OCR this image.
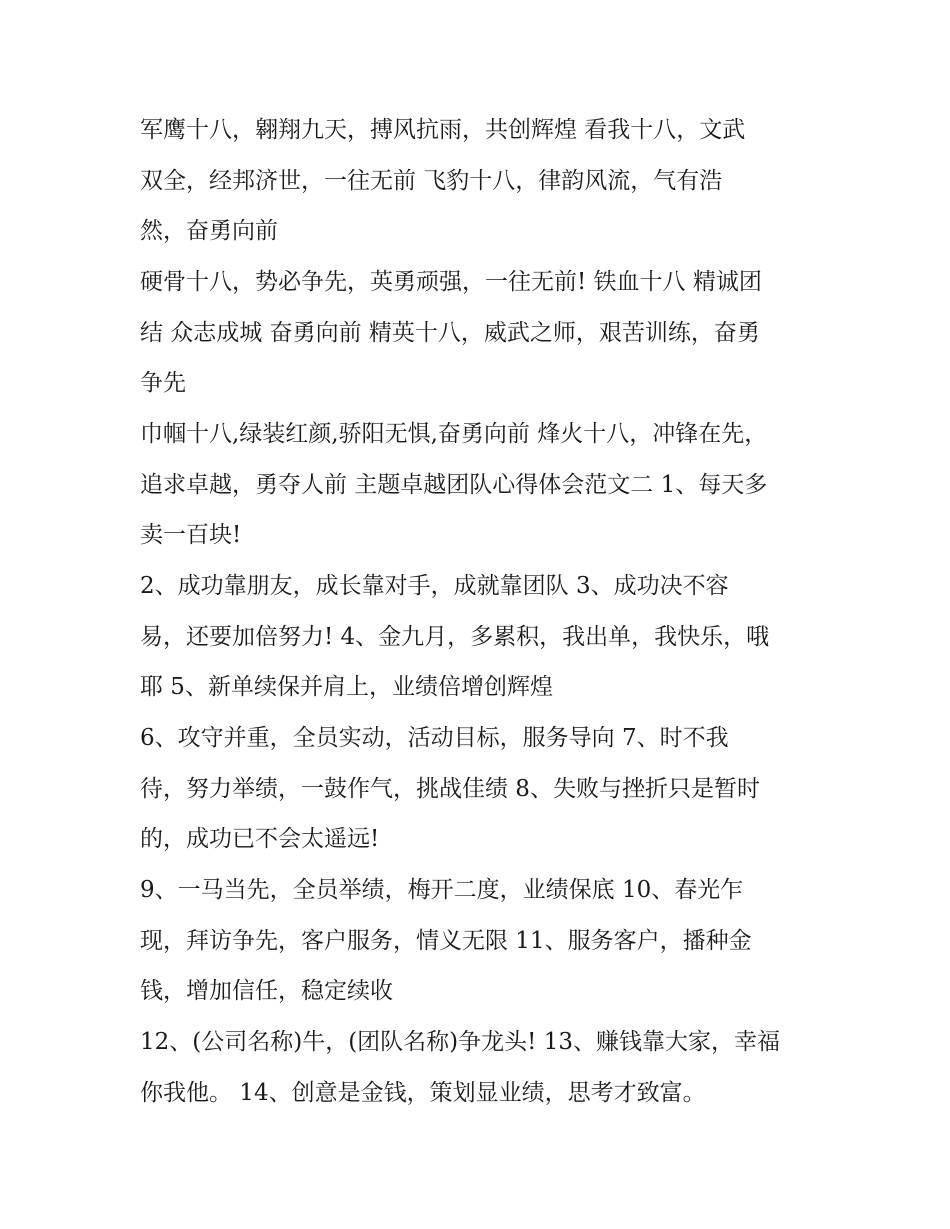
军鹰十八，翱翔九天，搏风抗雨，共创辉煌 看我十八，文武

双全，经邦济世，一往无前 飞豹十八，律韵风流，气有浩

然，奋勇向前

硬骨十八，势必争先，英勇顽强，一往无前! 铁血十八 精诚团

结 众志成城 奋勇向前 精英十八，威武之师，艰苦训练，奋勇

争先

巾帼十八,绿装红颜,骄阳无惧,奋勇向前 烽火十八，冲锋在先，

追求卓越，勇夺人前 主题卓越团队心得体会范文二 1、每天多

卖一百块!

2、成功靠朋友，成长靠对手，成就靠团队 3、成功决不容

易，还要加倍努力! 4、金九月，多累积，我出单，我快乐，哦

耶 5、新单续保并肩上，业绩倍增创辉煌

6、攻守并重，全员实动，活动目标，服务导向 7、时不我

待，努力举绩，一鼓作气，挑战佳绩 8、失败与挫折只是暂时

的，成功已不会太遥远!

9、一马当先，全员举绩，梅开二度，业绩保底 10、春光乍

现，拜访争先，客户服务，情义无限 11、服务客户，播种金

钱，增加信任，稳定续收

12、(公司名称)牛，(团队名称)争龙头! 13、赚钱靠大家，幸福

你我他。 14、创意是金钱，策划显业绩，思考才致富。
